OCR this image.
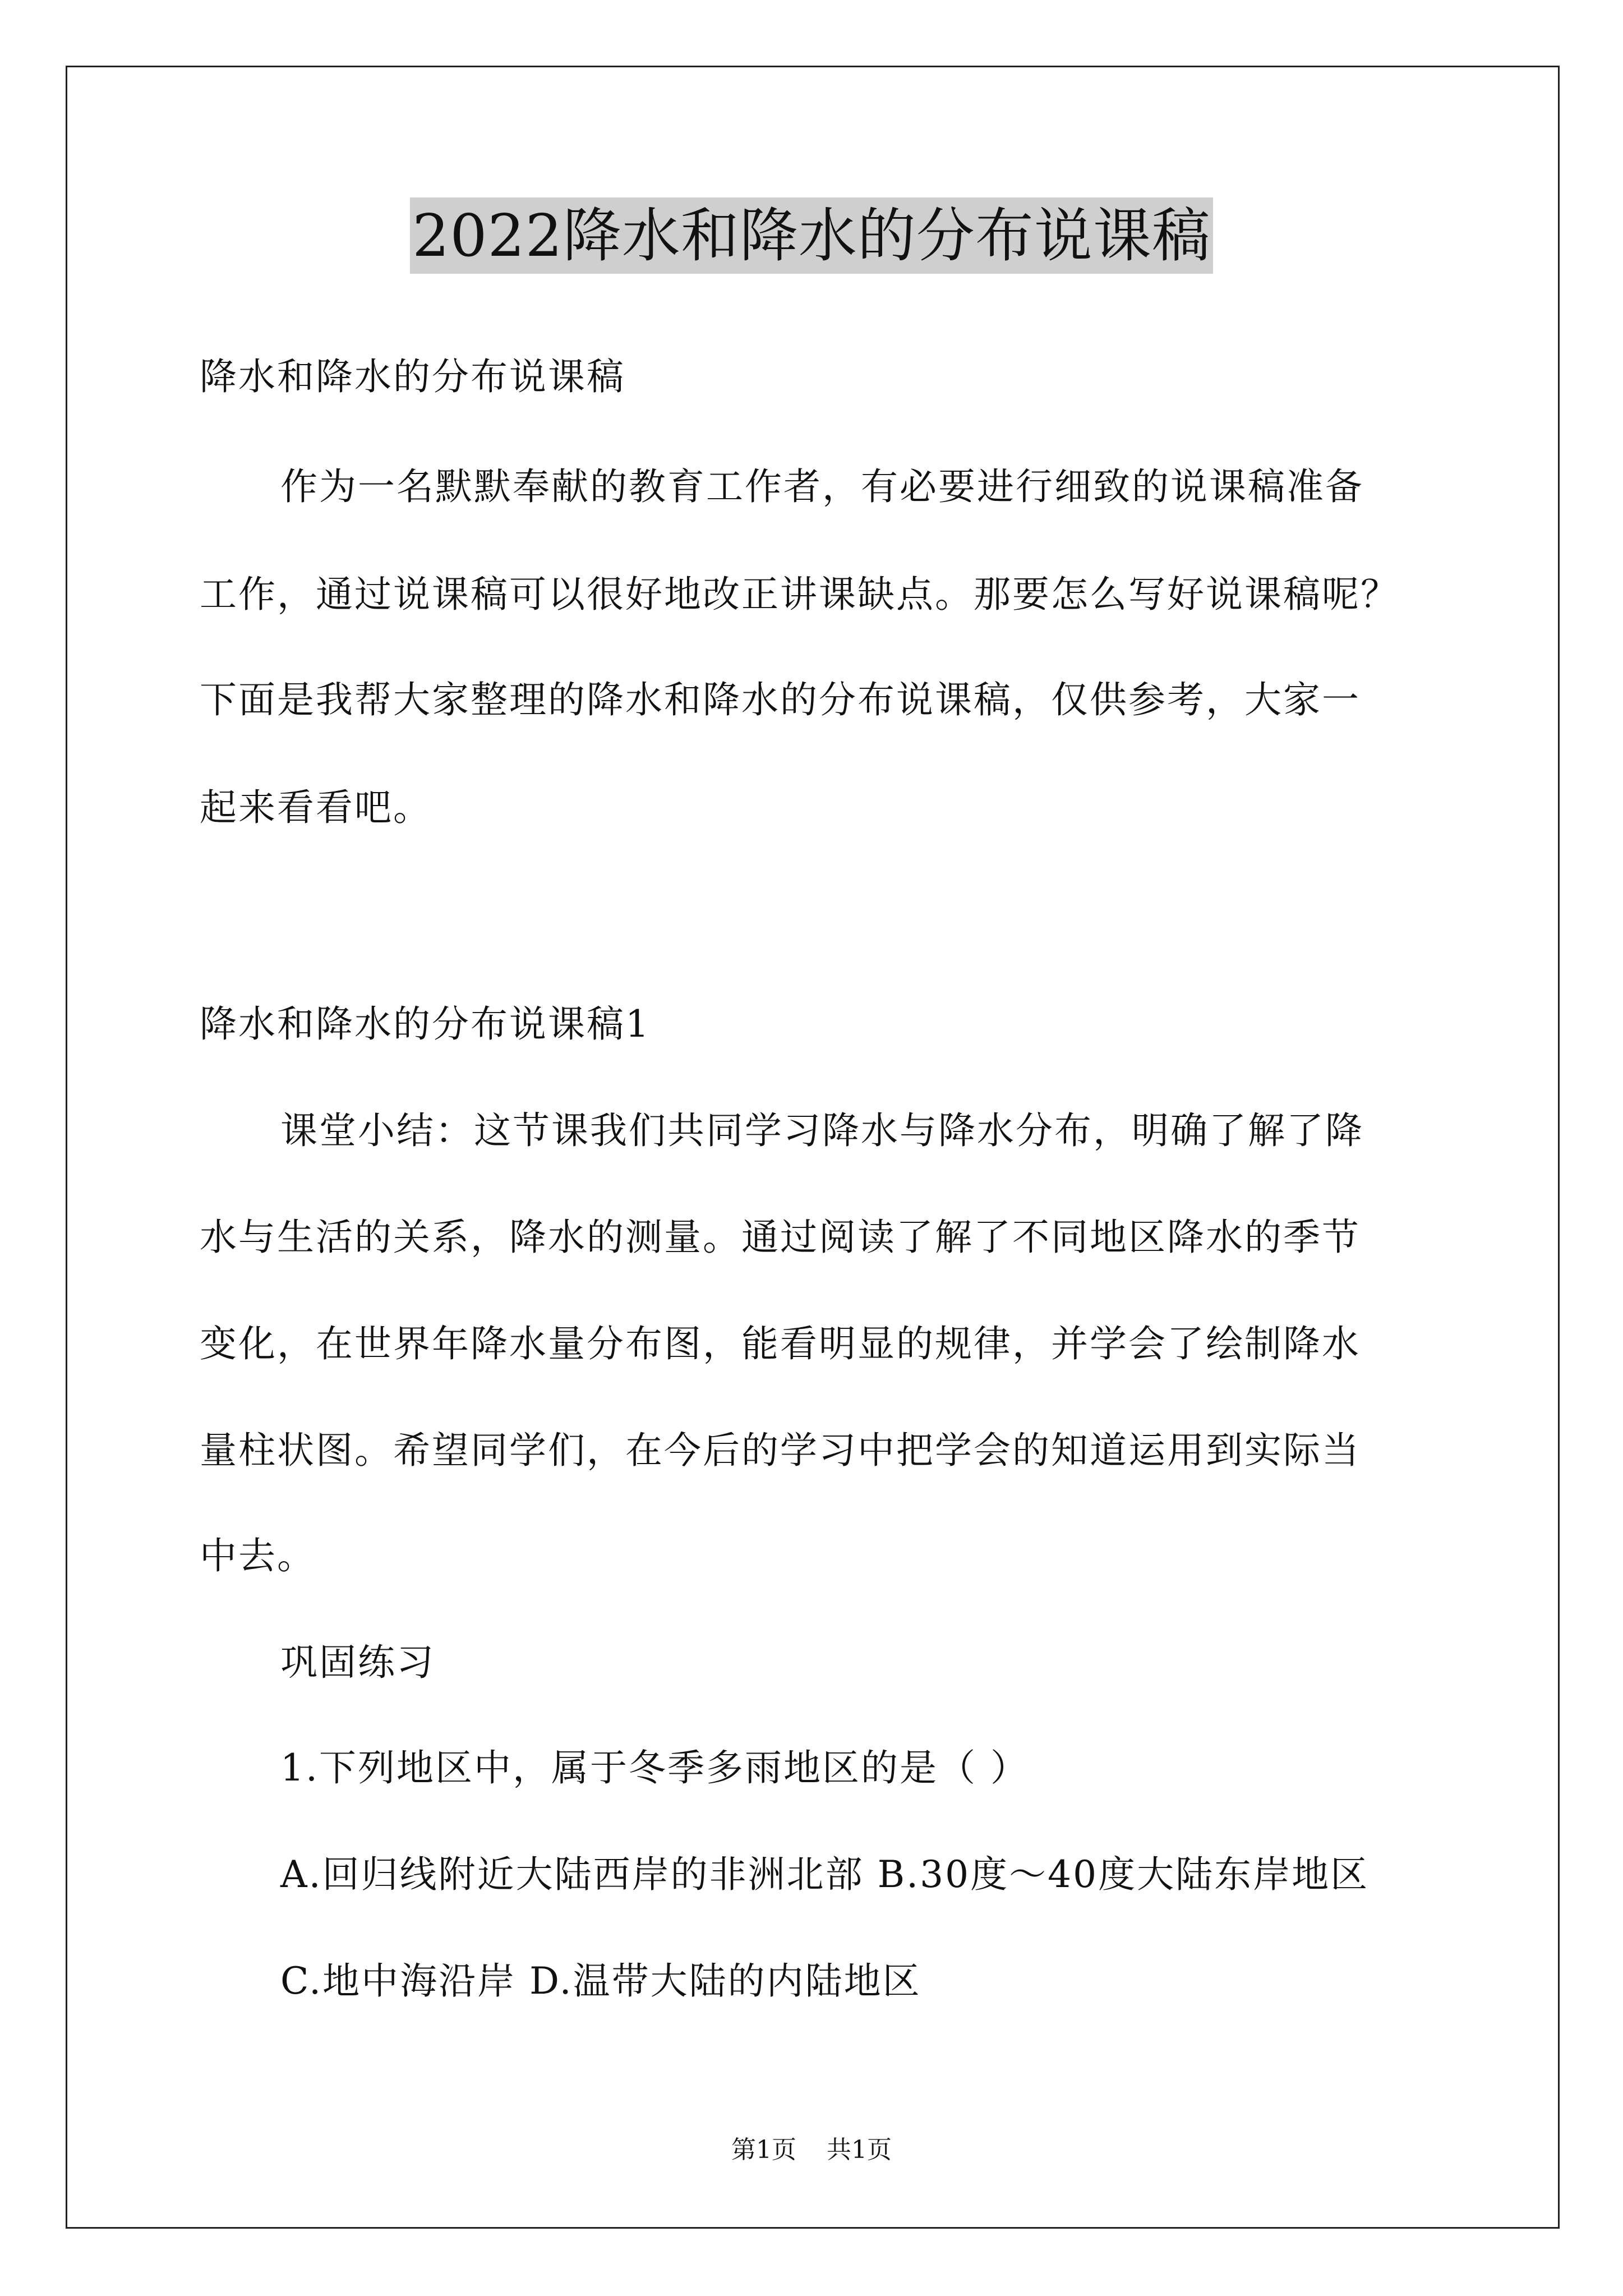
2022降水和降水的分布说课稿
降水和降水的分布说课稿
作为一名默默奉献的教育工作者，有必要进行细致的说课稿准备
工作，通过说课稿可以很好地改正讲课缺点。那要怎么写好说课稿呢？
下面是我帮大家整理的降水和降水的分布说课稿，仅供参考，大家一
起来看看吧。
降水和降水的分布说课稿1
课堂小结：这节课我们共同学习降水与降水分布，明确了解了降
水与生活的关系，降水的测量。通过阅读了解了不同地区降水的季节
变化，在世界年降水量分布图，能看明显的规律，并学会了绘制降水
量柱状图。希望同学们，在今后的学习中把学会的知道运用到实际当
中去。
巩固练习
1.下列地区中，属于冬季多雨地区的是（ ）
A.回归线附近大陆西岸的非洲北部 B.30度～40度大陆东岸地区
C.地中海沿岸 D.温带大陆的内陆地区
第1页 共1页
